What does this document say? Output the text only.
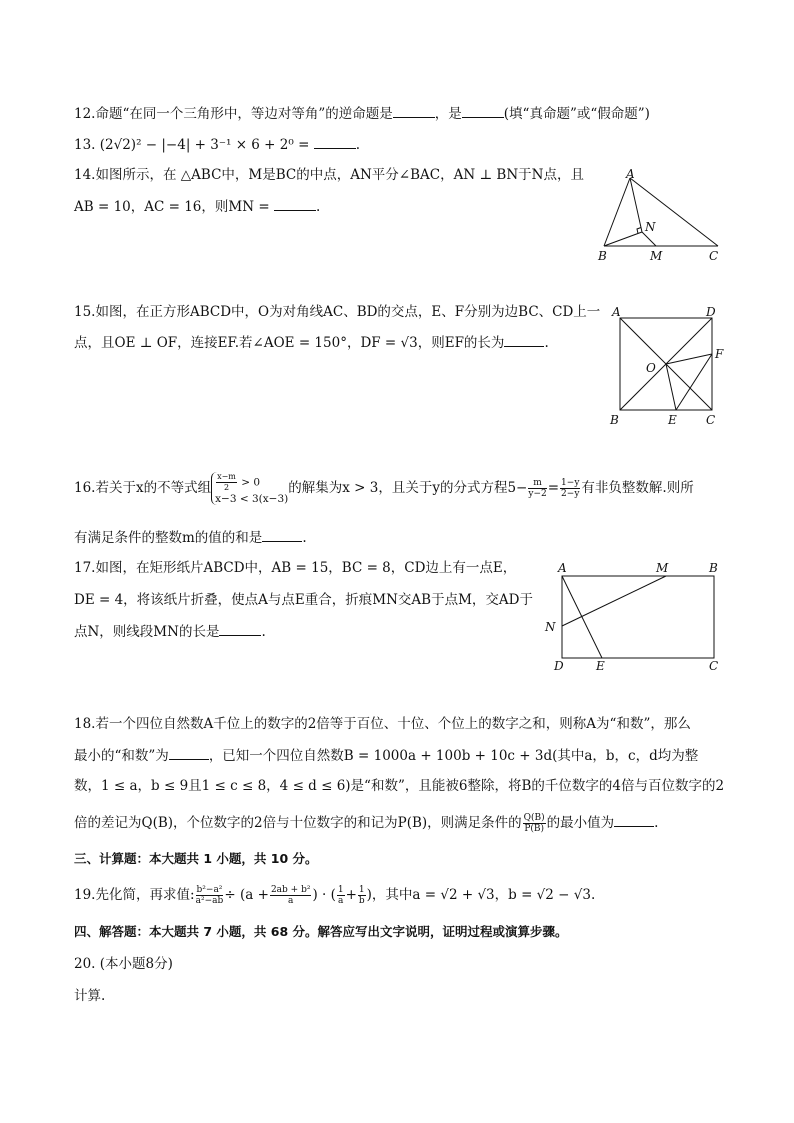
12.命题“在同一个三角形中，等边对等角”的逆命题是	，是	(填“真命题”或“假命题”)
13. (2√2)² − |−4| + 3⁻¹ × 6 + 2⁰ =	.
14.如图所示，在 △ABC中，M是BC的中点，AN平分∠BAC，AN ⊥ BN于N点，且
AB = 10，AC = 16，则MN =	.
A
B	M	C
N
15.如图，在正方形ABCD中，O为对角线AC、BD的交点，E、F分别为边BC、CD上一
点，且OE ⊥ OF，连接EF.若∠AOE = 150°，DF = √3，则EF的长为	.
A	D
F
O
B	E C
16.若关于x的不等式组 $\frac{x-m}{2} > 0$
x−3 < 3(x−3)
的解集为x > 3，且关于y的分式方程$5- \frac{m}{y-2} = \frac{1-y}{2-y}$ 有非负整数解.则所
有满足条件的整数m的值的和是	.
17.如图，在矩形纸片ABCD中，AB = 15，BC = 8，CD边上有一点E，
DE = 4，将该纸片折叠，使点A与点E重合，折痕MN交AB于点M，交AD于
点N，则线段MN的长是	.
A	M	B
N
D	E	C
18.若一个四位自然数A千位上的数字的2倍等于百位、十位、个位上的数字之和，则称A为“和数”，那么
最小的“和数”为	，已知一个四位自然数B = 1000a + 100b + 10c + 3d(其中a，b，c，d均为整
数，1 ≤ a，b ≤ 9且1 ≤ c ≤ 8，4 ≤ d ≤ 6)是“和数”，且能被6整除，将B的千位数字的4倍与百位数字的2
倍的差记为Q(B)，个位数字的2倍与十位数字的和记为P(B)，则满足条件的 $\frac{Q(B)}{P(B)}$ 的最小值为	.
三、计算题：本大题共 1 小题，共 10 分。
19.先化简，再求值: $\frac{\text{b²−a²}}{\text{a²−ab}} \div (a + \frac{\text{2ab + b²}}{a}$ ) · ( $\frac{1}{a} + \frac{1}{b}$ )，其中a = √2 + √3，b = √2 − √3.
四、解答题：本大题共 7 小题，共 68 分。解答应写出文字说明，证明过程或演算步骤。
20. (本小题8分)
计算.
